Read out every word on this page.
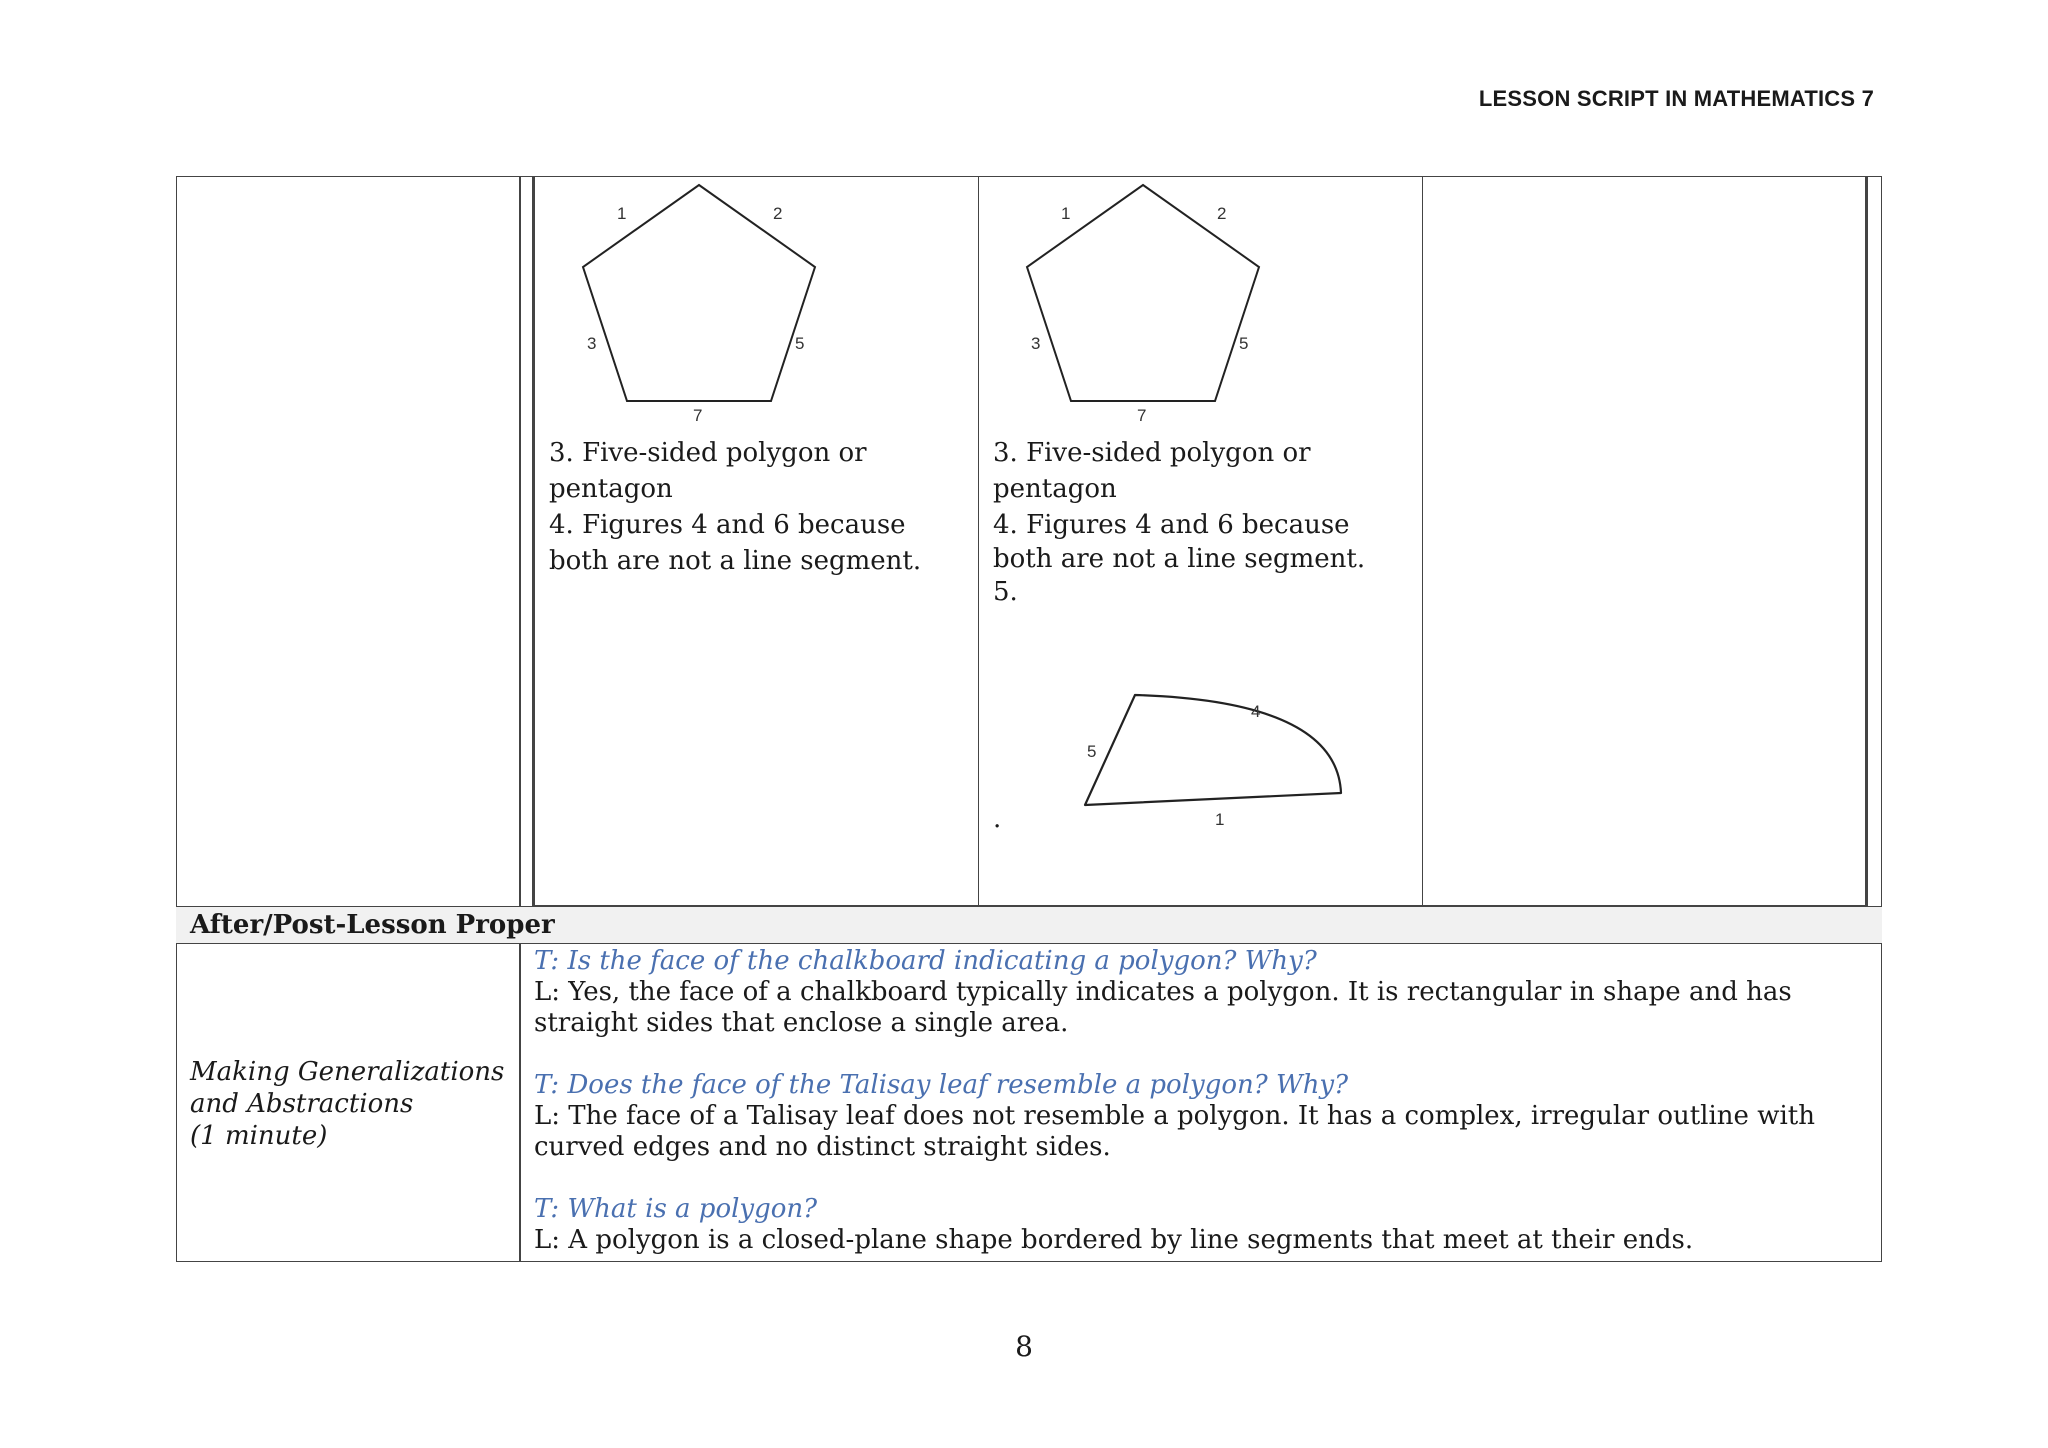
LESSON SCRIPT IN MATHEMATICS 7
1	2
3	5
7
3. Five-sided polygon or
pentagon
4. Figures 4 and 6 because
both are not a line segment.
1	2
3	5
7
3. Five-sided polygon or
pentagon
4. Figures 4 and 6 because
both are not a line segment.
5.
4
5
1
.
After/Post-Lesson Proper
Making Generalizations
and Abstractions
(1 minute)
T: Is the face of the chalkboard indicating a polygon? Why?
L: Yes, the face of a chalkboard typically indicates a polygon. It is rectangular in shape and has
straight sides that enclose a single area.
T: Does the face of the Talisay leaf resemble a polygon? Why?
L: The face of a Talisay leaf does not resemble a polygon. It has a complex, irregular outline with
curved edges and no distinct straight sides.
T: What is a polygon?
L: A polygon is a closed-plane shape bordered by line segments that meet at their ends.
8
